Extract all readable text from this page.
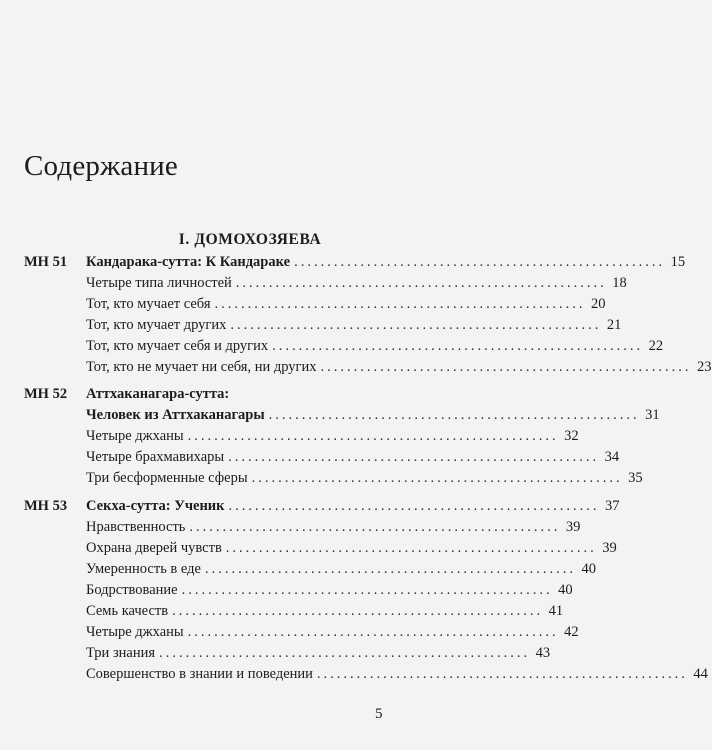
Содержание
I. ДОМОХОЗЯЕВА
МН 51 Кандарака-сутта: К Кандараке ........................................................ 15
Четыре типа личностей ........................................................ 18
Тот, кто мучает себя ........................................................ 20
Тот, кто мучает других ........................................................ 21
Тот, кто мучает себя и других ........................................................ 22
Тот, кто не мучает ни себя, ни других ........................................................ 23
МН 52 Аттхаканагара-сутта:
Человек из Аттхаканагары ........................................................ 31
Четыре джханы ........................................................ 32
Четыре брахмавихары ........................................................ 34
Три бесформенные сферы ........................................................ 35
МН 53 Секха-сутта: Ученик ........................................................ 37
Нравственность ........................................................ 39
Охрана дверей чувств ........................................................ 39
Умеренность в еде ........................................................ 40
Бодрствование ........................................................ 40
Семь качеств ........................................................ 41
Четыре джханы ........................................................ 42
Три знания ........................................................ 43
Совершенство в знании и поведении ........................................................ 44
5
